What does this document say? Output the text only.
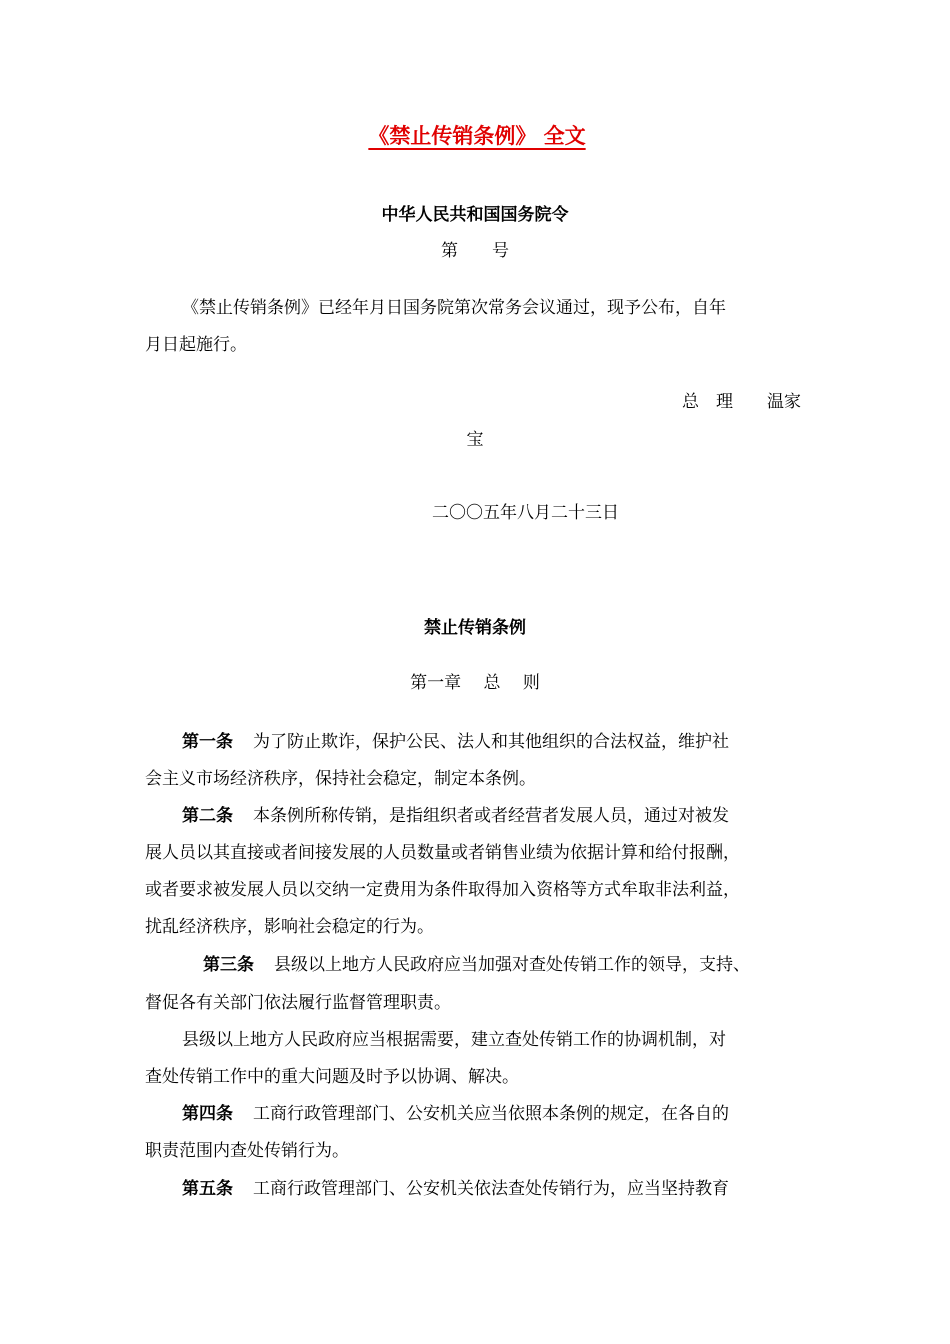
《禁止传销条例》 全文
中华人民共和国国务院令
第　　号
《禁止传销条例》已经年月日国务院第次常务会议通过，现予公布，自年
月日起施行。
总　理　　温家
宝
二〇〇五年八月二十三日
禁止传销条例
第一章　 总　 则
第一条 为了防止欺诈，保护公民、法人和其他组织的合法权益，维护社
会主义市场经济秩序，保持社会稳定，制定本条例。
第二条 本条例所称传销，是指组织者或者经营者发展人员，通过对被发
展人员以其直接或者间接发展的人员数量或者销售业绩为依据计算和给付报酬，
或者要求被发展人员以交纳一定费用为条件取得加入资格等方式牟取非法利益，
扰乱经济秩序，影响社会稳定的行为。
第三条 县级以上地方人民政府应当加强对查处传销工作的领导，支持、
督促各有关部门依法履行监督管理职责。
县级以上地方人民政府应当根据需要，建立查处传销工作的协调机制，对
查处传销工作中的重大问题及时予以协调、解决。
第四条 工商行政管理部门、公安机关应当依照本条例的规定，在各自的
职责范围内查处传销行为。
第五条 工商行政管理部门、公安机关依法查处传销行为，应当坚持教育
